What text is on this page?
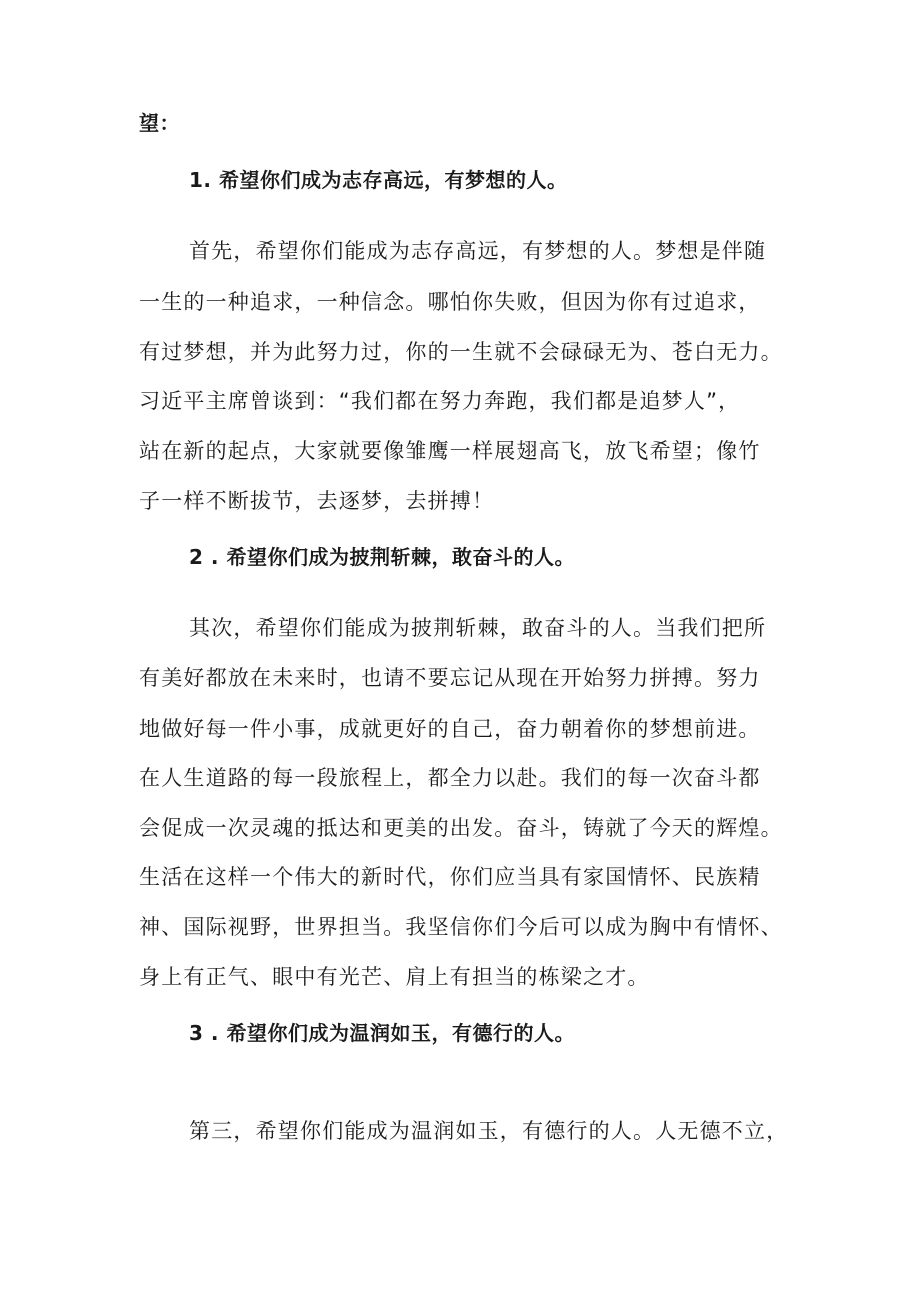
望：
1. 希望你们成为志存高远，有梦想的人。
首先，希望你们能成为志存高远，有梦想的人。梦想是伴随
一生的一种追求，一种信念。哪怕你失败，但因为你有过追求，
有过梦想，并为此努力过，你的一生就不会碌碌无为、苍白无力。
习近平主席曾谈到：“我们都在努力奔跑，我们都是追梦人”，
站在新的起点，大家就要像雏鹰一样展翅高飞，放飞希望；像竹
子一样不断拔节，去逐梦，去拼搏！
2 . 希望你们成为披荆斩棘，敢奋斗的人。
其次，希望你们能成为披荆斩棘，敢奋斗的人。当我们把所
有美好都放在未来时，也请不要忘记从现在开始努力拼搏。努力
地做好每一件小事，成就更好的自己，奋力朝着你的梦想前进。
在人生道路的每一段旅程上，都全力以赴。我们的每一次奋斗都
会促成一次灵魂的抵达和更美的出发。奋斗，铸就了今天的辉煌。
生活在这样一个伟大的新时代，你们应当具有家国情怀、民族精
神、国际视野，世界担当。我坚信你们今后可以成为胸中有情怀、
身上有正气、眼中有光芒、肩上有担当的栋梁之才。
3 . 希望你们成为温润如玉，有德行的人。
第三，希望你们能成为温润如玉，有德行的人。人无德不立，
